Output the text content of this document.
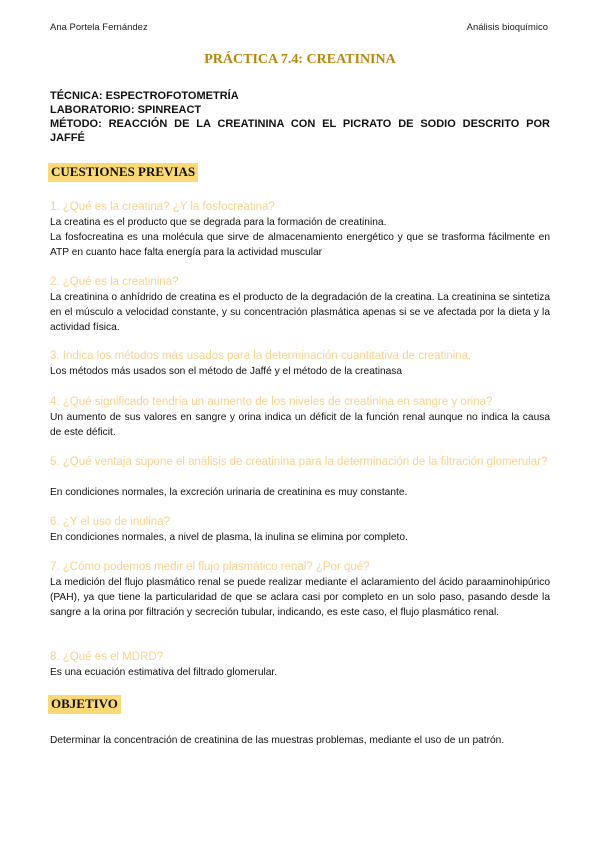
Ana Portela Fernández	Análisis bioquímico
PRÁCTICA 7.4: CREATININA
TÉCNICA: ESPECTROFOTOMETRÍA
LABORATORIO: SPINREACT
MÉTODO: REACCIÓN DE LA CREATININA CON EL PICRATO DE SODIO DESCRITO POR
JAFFÉ
CUESTIONES PREVIAS
1. ¿Qué es la creatina? ¿Y la fosfocreatina?
La creatina es el producto que se degrada para la formación de creatinina.
La fosfocreatina es una molécula que sirve de almacenamiento energético y que se trasforma fácilmente en ATP en cuanto hace falta energía para la actividad muscular
2. ¿Qué es la creatinina?
La creatinina o anhídrido de creatina es el producto de la degradación de la creatina. La creatinina se sintetiza en el músculo a velocidad constante, y su concentración plasmática apenas si se ve afectada por la dieta y la actividad física.
3. Indica los métodos más usados para la determinación cuantitativa de creatinina.
Los métodos más usados son el método de Jaffé y el método de la creatinasa
4. ¿Qué significado tendría un aumento de los niveles de creatinina en sangre y orina?
Un aumento de sus valores en sangre y orina indica un déficit de la función renal aunque no indica la causa de este déficit.
5. ¿Qué ventaja supone el análisis de creatinina para la determinación de la filtración glomerular?
En condiciones normales, la excreción urinaria de creatinina es muy constante.
6. ¿Y el uso de inulina?
En condiciones normales, a nivel de plasma, la inulina se elimina por completo.
7. ¿Cómo podemos medir el flujo plasmático renal? ¿Por qué?
La medición del flujo plasmático renal se puede realizar mediante el aclaramiento del ácido paraaminohipúrico (PAH), ya que tiene la particularidad de que se aclara casi por completo en un solo paso, pasando desde la sangre a la orina por filtración y secreción tubular, indicando, es este caso, el flujo plasmático renal.
8. ¿Qué es el MDRD?
Es una ecuación estimativa del filtrado glomerular.
OBJETIVO
Determinar la concentración de creatinina de las muestras problemas, mediante el uso de un patrón.
